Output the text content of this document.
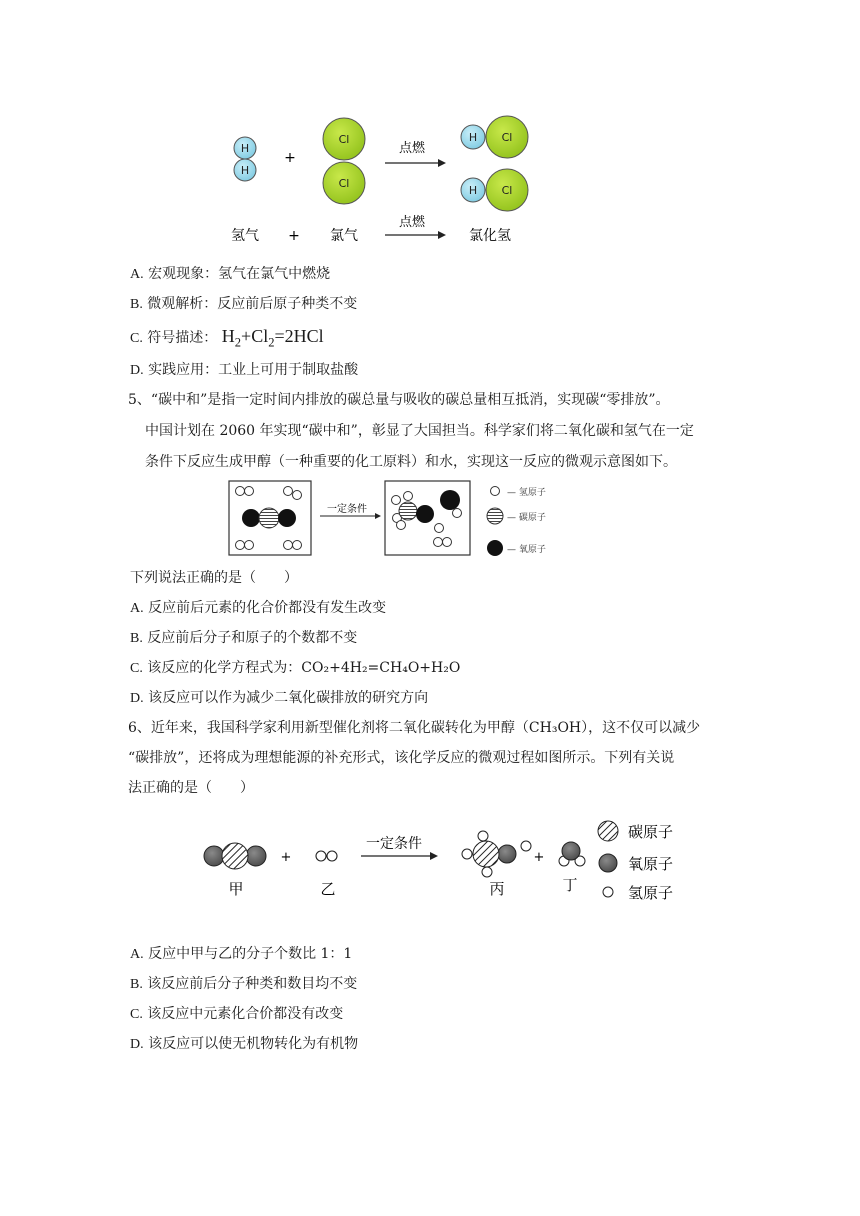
H
H
+
Cl
Cl
点燃
H Cl
H Cl
氢气 + 氯气
点燃
氯化氢
A. 宏观现象：氢气在氯气中燃烧
B. 微观解析：反应前后原子种类不变
C. 符号描述： $H_2+Cl_2=2HCl$
D. 实践应用：工业上可用于制取盐酸
5、“碳中和”是指一定时间内排放的碳总量与吸收的碳总量相互抵消，实现碳“零排放”。
中国计划在 2060 年实现“碳中和”，彰显了大国担当。科学家们将二氧化碳和氢气在一定
条件下反应生成甲醇（一种重要的化工原料）和水，实现这一反应的微观示意图如下。
一定条件
— 氢原子
— 碳原子
— 氧原子
下列说法正确的是（　　）
A. 反应前后元素的化合价都没有发生改变
B. 反应前后分子和原子的个数都不变
C. 该反应的化学方程式为：CO₂+4H₂=CH₄O+H₂O
D. 该反应可以作为减少二氧化碳排放的研究方向
6、近年来，我国科学家利用新型催化剂将二氧化碳转化为甲醇（CH₃OH），这不仅可以减少
“碳排放”，还将成为理想能源的补充形式，该化学反应的微观过程如图所示。下列有关说
法正确的是（　　）
甲
+
乙
一定条件
丙
+
丁
碳原子
氧原子
氢原子
A. 反应中甲与乙的分子个数比 1：1
B. 该反应前后分子种类和数目均不变
C. 该反应中元素化合价都没有改变
D. 该反应可以使无机物转化为有机物
